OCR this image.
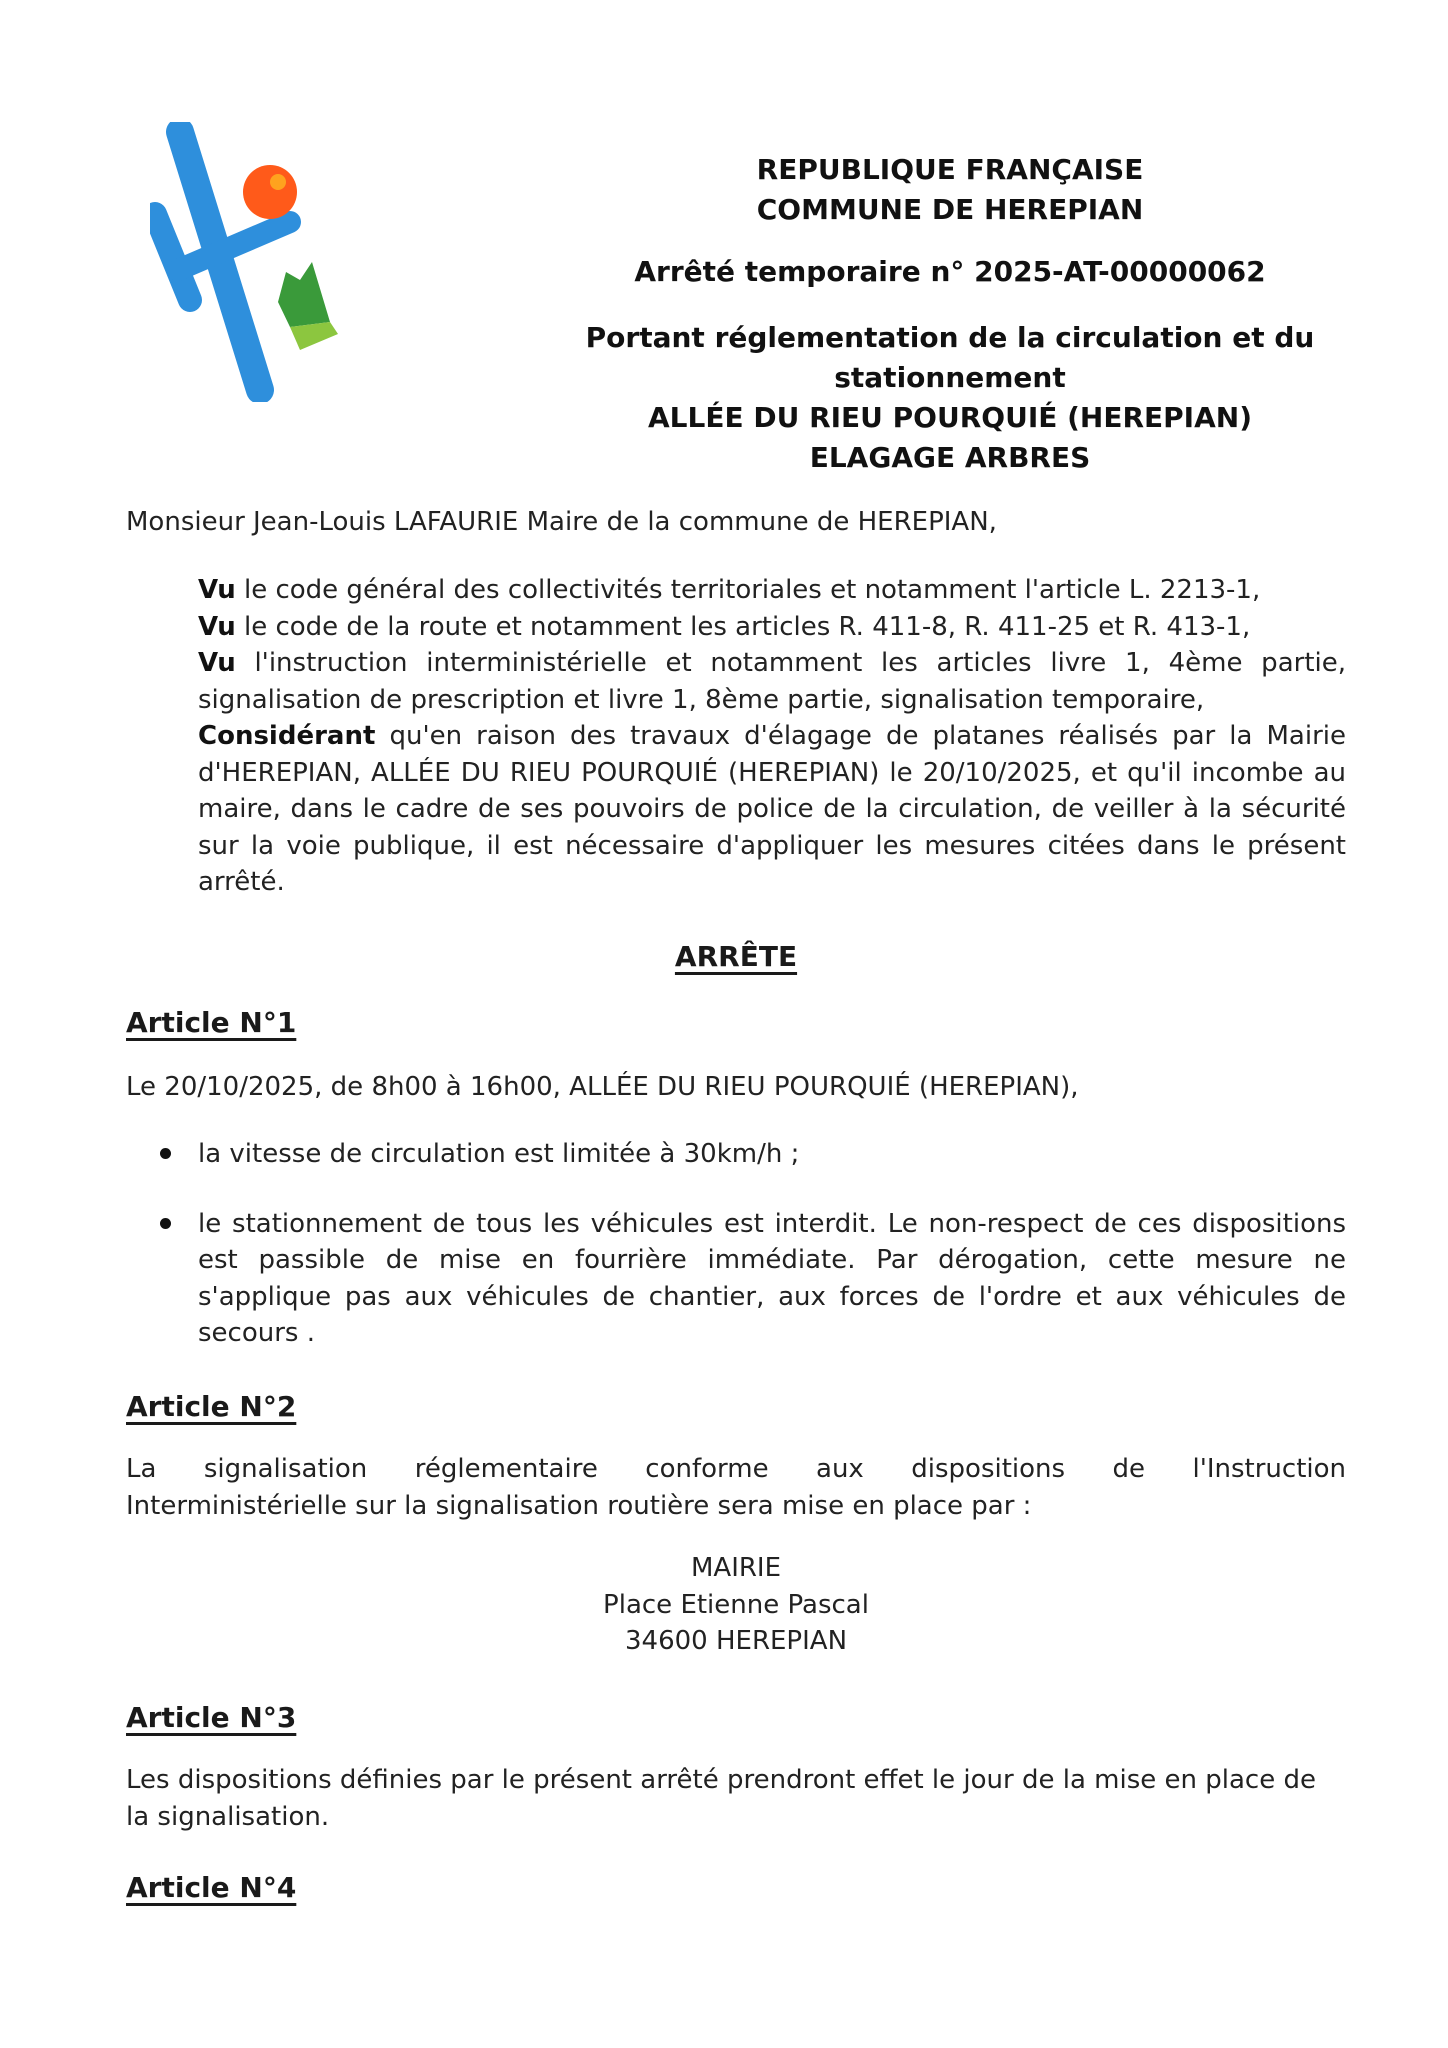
REPUBLIQUE FRANÇAISE
COMMUNE DE HEREPIAN
Arrêté temporaire n° 2025-AT-00000062
Portant réglementation de la circulation et du
stationnement
ALLÉE DU RIEU POURQUIÉ (HEREPIAN)
ELAGAGE ARBRES
Monsieur Jean-Louis LAFAURIE Maire de la commune de HEREPIAN,

Vu le code général des collectivités territoriales et notamment l'article L. 2213-1,

Vu le code de la route et notamment les articles R. 411-8, R. 411-25 et R. 413-1,

Vu l'instruction interministérielle et notamment les articles livre 1, 4ème partie, signalisation de prescription et livre 1, 8ème partie, signalisation temporaire,

Considérant qu'en raison des travaux d'élagage de platanes réalisés par la Mairie d'HEREPIAN, ALLÉE DU RIEU POURQUIÉ (HEREPIAN) le 20/10/2025, et qu'il incombe au maire, dans le cadre de ses pouvoirs de police de la circulation, de veiller à la sécurité sur la voie publique, il est nécessaire d'appliquer les mesures citées dans le présent arrêté.

ARRÊTE
Article N°1
Le 20/10/2025, de 8h00 à 16h00, ALLÉE DU RIEU POURQUIÉ (HEREPIAN),
la vitesse de circulation est limitée à 30km/h ;
le stationnement de tous les véhicules est interdit. Le non-respect de ces dispositions est passible de mise en fourrière immédiate. Par dérogation, cette mesure ne s'applique pas aux véhicules de chantier, aux forces de l'ordre et aux véhicules de secours .
Article N°2
La signalisation réglementaire conforme aux dispositions de l'Instruction
Interministérielle sur la signalisation routière sera mise en place par :
MAIRIE
Place Etienne Pascal
34600 HEREPIAN
Article N°3
Les dispositions définies par le présent arrêté prendront effet le jour de la mise en place de la signalisation.
Article N°4
